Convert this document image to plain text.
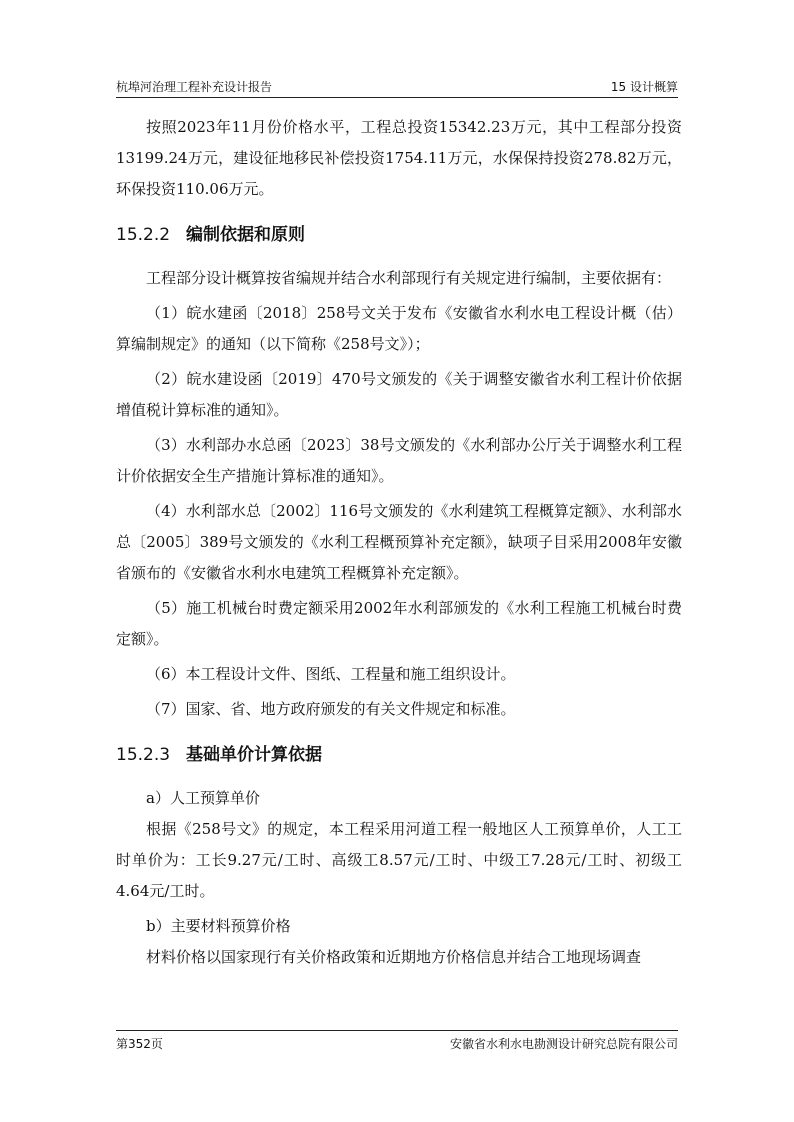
杭埠河治理工程补充设计报告	15 设计概算

按照2023年11月份价格水平，工程总投资15342.23万元，其中工程部分投资13199.24万元，建设征地移民补偿投资1754.11万元，水保保持投资278.82万元，环保投资110.06万元。

15.2.2 编制依据和原则

工程部分设计概算按省编规并结合水利部现行有关规定进行编制，主要依据有：

（1）皖水建函〔2018〕258号文关于发布《安徽省水利水电工程设计概（估）算编制规定》的通知（以下简称《258号文》）；

（2）皖水建设函〔2019〕470号文颁发的《关于调整安徽省水利工程计价依据增值税计算标准的通知》。

（3）水利部办水总函〔2023〕38号文颁发的《水利部办公厅关于调整水利工程计价依据安全生产措施计算标准的通知》。

（4）水利部水总〔2002〕116号文颁发的《水利建筑工程概算定额》、水利部水总〔2005〕389号文颁发的《水利工程概预算补充定额》，缺项子目采用2008年安徽省颁布的《安徽省水利水电建筑工程概算补充定额》。

（5）施工机械台时费定额采用2002年水利部颁发的《水利工程施工机械台时费定额》。

（6）本工程设计文件、图纸、工程量和施工组织设计。

（7）国家、省、地方政府颁发的有关文件规定和标准。

15.2.3 基础单价计算依据

a）人工预算单价

根据《258号文》的规定，本工程采用河道工程一般地区人工预算单价，人工工时单价为：工长9.27元/工时、高级工8.57元/工时、中级工7.28元/工时、初级工4.64元/工时。

b）主要材料预算价格

材料价格以国家现行有关价格政策和近期地方价格信息并结合工地现场调查

第352页	安徽省水利水电勘测设计研究总院有限公司
